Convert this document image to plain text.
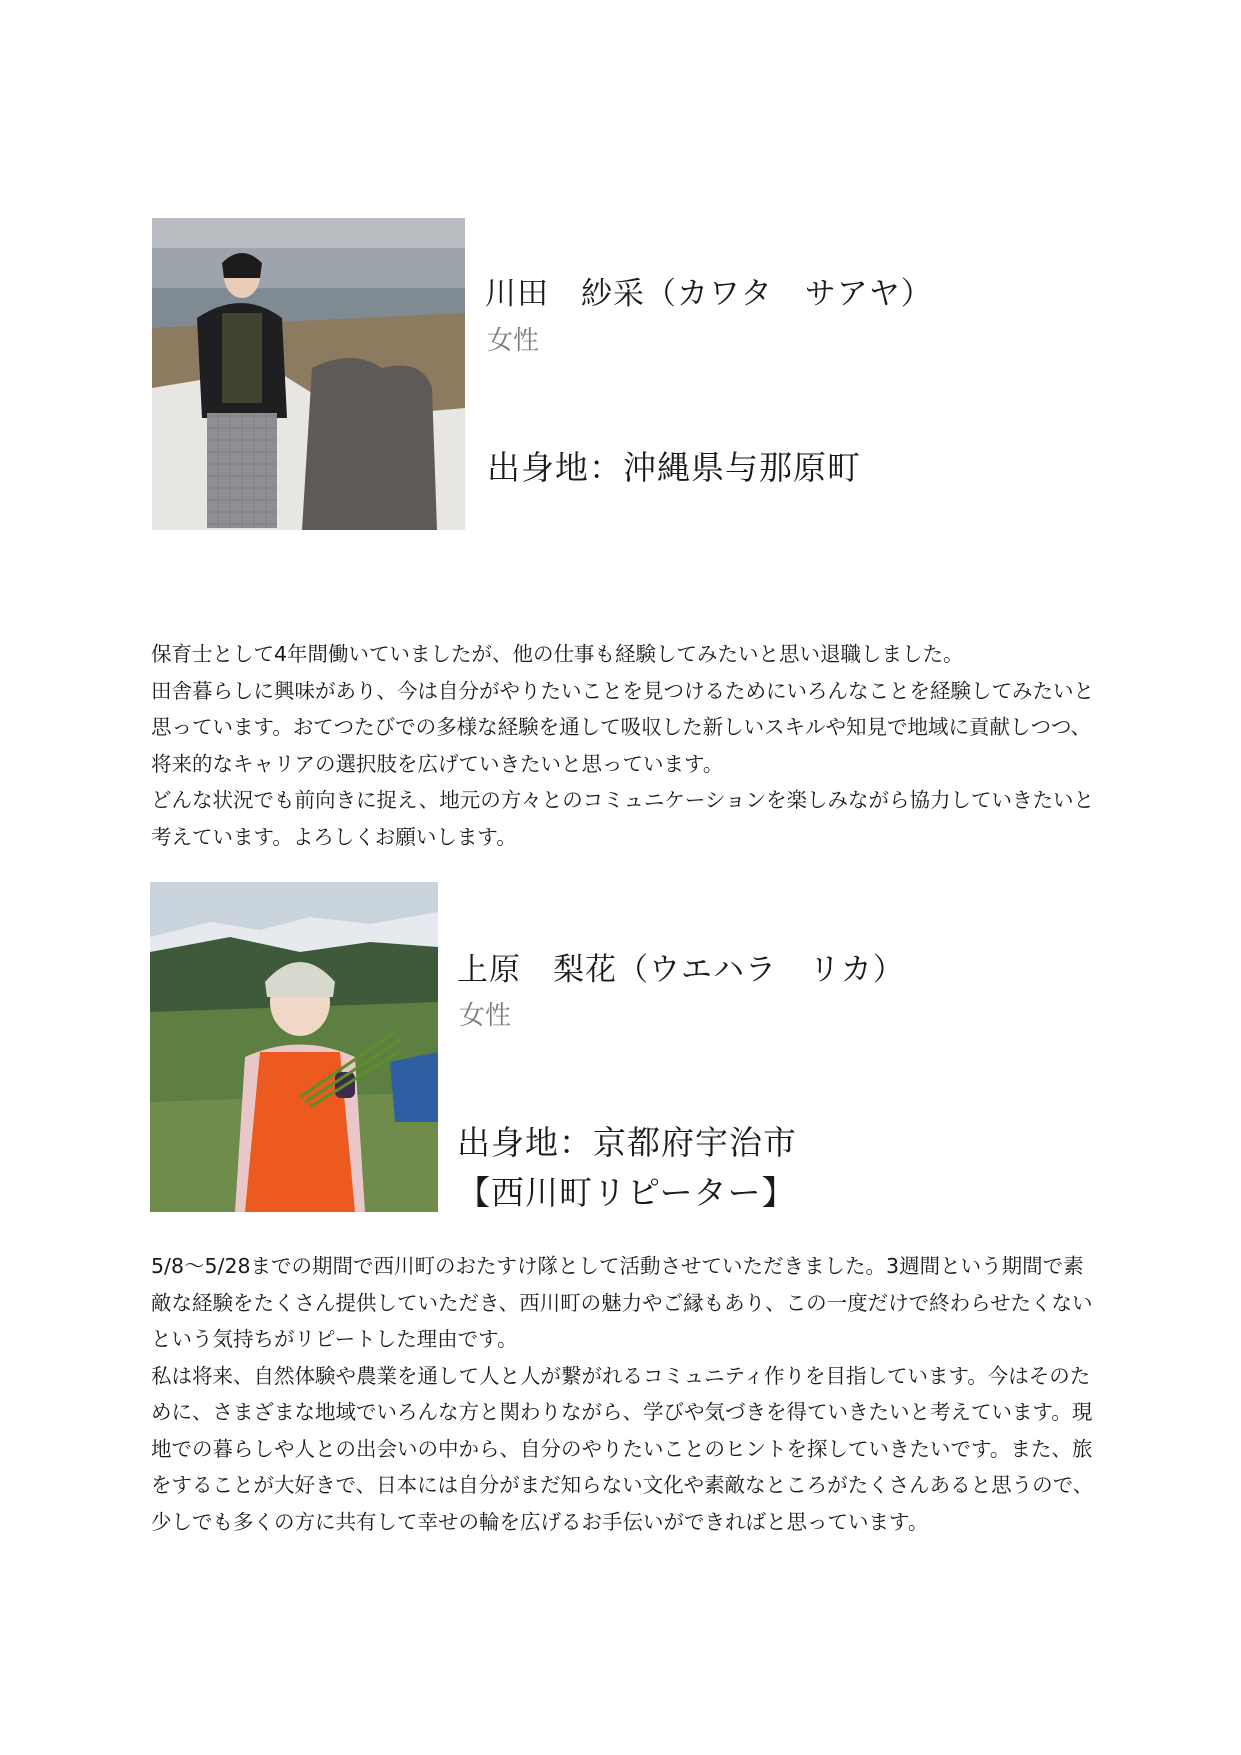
川田　紗采（カワタ　サアヤ）
女性
出身地：沖縄県与那原町

保育士として4年間働いていましたが、他の仕事も経験してみたいと思い退職しました。

田舎暮らしに興味があり、今は自分がやりたいことを見つけるためにいろんなことを経験してみたいと思っています。おてつたびでの多様な経験を通して吸収した新しいスキルや知見で地域に貢献しつつ、将来的なキャリアの選択肢を広げていきたいと思っています。

どんな状況でも前向きに捉え、地元の方々とのコミュニケーションを楽しみながら協力していきたいと考えています。よろしくお願いします。

上原　梨花（ウエハラ　リカ）
女性
出身地：京都府宇治市
【西川町リピーター】

5/8～5/28までの期間で西川町のおたすけ隊として活動させていただきました。3週間という期間で素敵な経験をたくさん提供していただき、西川町の魅力やご縁もあり、この一度だけで終わらせたくないという気持ちがリピートした理由です。

私は将来、自然体験や農業を通して人と人が繋がれるコミュニティ作りを目指しています。今はそのために、さまざまな地域でいろんな方と関わりながら、学びや気づきを得ていきたいと考えています。現地での暮らしや人との出会いの中から、自分のやりたいことのヒントを探していきたいです。また、旅をすることが大好きで、日本には自分がまだ知らない文化や素敵なところがたくさんあると思うので、少しでも多くの方に共有して幸せの輪を広げるお手伝いができればと思っています。
